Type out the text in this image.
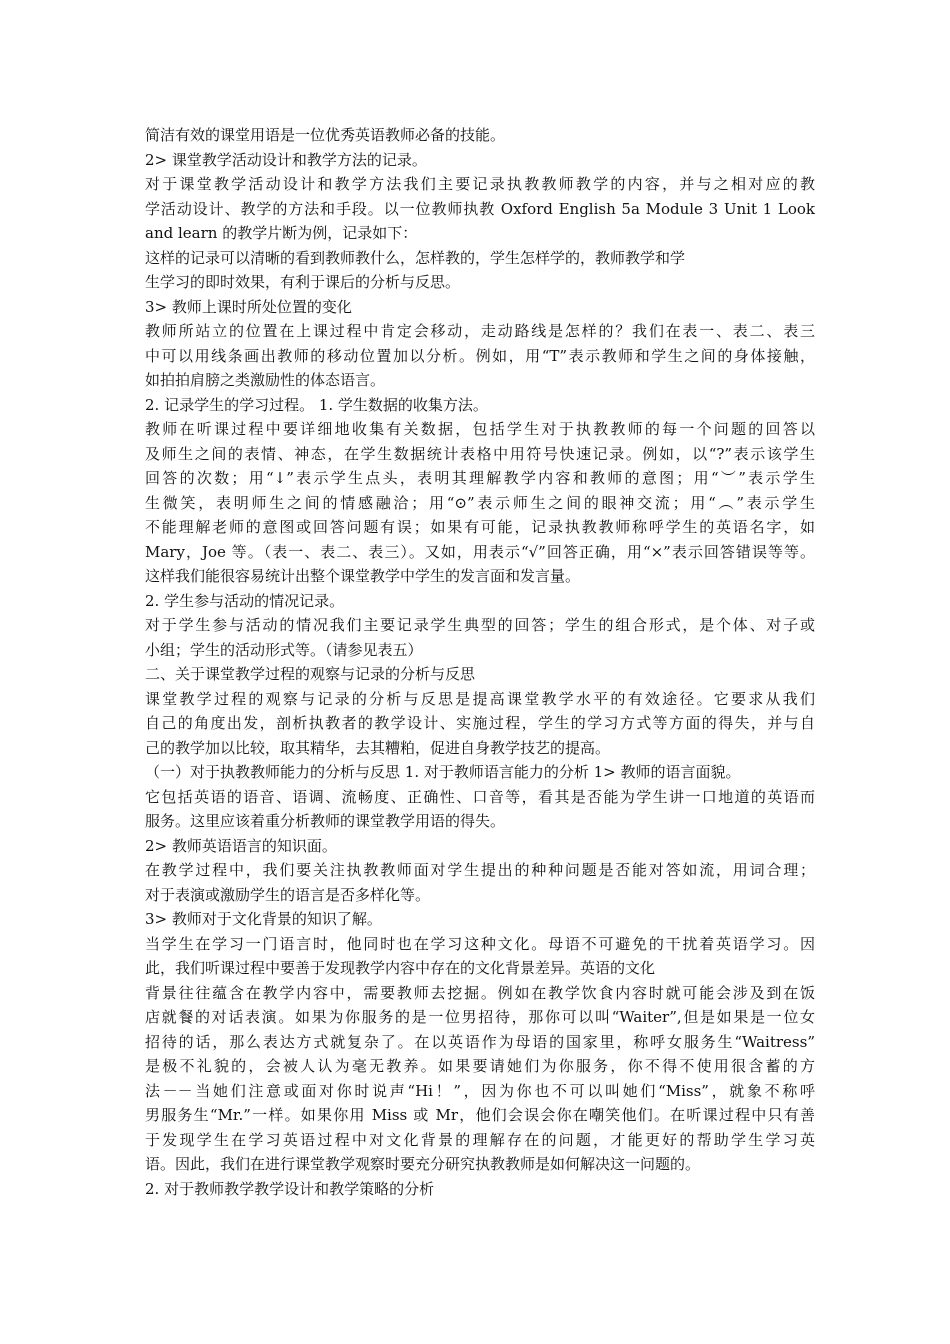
简洁有效的课堂用语是一位优秀英语教师必备的技能。
2> 课堂教学活动设计和教学方法的记录。
对于课堂教学活动设计和教学方法我们主要记录执教教师教学的内容，并与之相对应的教
学活动设计、教学的方法和手段。以一位教师执教 Oxford English 5a Module 3 Unit 1 Look
and learn 的教学片断为例，记录如下：
这样的记录可以清晰的看到教师教什么，怎样教的，学生怎样学的，教师教学和学
生学习的即时效果，有利于课后的分析与反思。
3> 教师上课时所处位置的变化
教师所站立的位置在上课过程中肯定会移动，走动路线是怎样的？我们在表一、表二、表三
中可以用线条画出教师的移动位置加以分析。例如，用“T”表示教师和学生之间的身体接触，
如拍拍肩膀之类激励性的体态语言。
2. 记录学生的学习过程。 1. 学生数据的收集方法。
教师在听课过程中要详细地收集有关数据，包括学生对于执教教师的每一个问题的回答以
及师生之间的表情、神态，在学生数据统计表格中用符号快速记录。例如，以“?”表示该学生
回答的次数；用“↓”表示学生点头，表明其理解教学内容和教师的意图；用“︶”表示学生
生微笑，表明师生之间的情感融洽；用“⊙”表示师生之间的眼神交流；用“︵”表示学生
不能理解老师的意图或回答问题有误；如果有可能，记录执教教师称呼学生的英语名字，如
Mary，Joe 等。（表一、表二、表三）。又如，用表示“√”回答正确，用“×”表示回答错误等等。
这样我们能很容易统计出整个课堂教学中学生的发言面和发言量。
2. 学生参与活动的情况记录。
对于学生参与活动的情况我们主要记录学生典型的回答；学生的组合形式，是个体、对子或
小组；学生的活动形式等。（请参见表五）
二、关于课堂教学过程的观察与记录的分析与反思
课堂教学过程的观察与记录的分析与反思是提高课堂教学水平的有效途径。它要求从我们
自己的角度出发，剖析执教者的教学设计、实施过程，学生的学习方式等方面的得失，并与自
己的教学加以比较，取其精华，去其糟粕，促进自身教学技艺的提高。
（一）对于执教教师能力的分析与反思 1. 对于教师语言能力的分析 1> 教师的语言面貌。
它包括英语的语音、语调、流畅度、正确性、口音等，看其是否能为学生讲一口地道的英语而
服务。这里应该着重分析教师的课堂教学用语的得失。
2> 教师英语语言的知识面。
在教学过程中，我们要关注执教教师面对学生提出的种种问题是否能对答如流，用词合理；
对于表演或激励学生的语言是否多样化等。
3> 教师对于文化背景的知识了解。
当学生在学习一门语言时，他同时也在学习这种文化。母语不可避免的干扰着英语学习。因
此，我们听课过程中要善于发现教学内容中存在的文化背景差异。英语的文化
背景往往蕴含在教学内容中，需要教师去挖掘。例如在教学饮食内容时就可能会涉及到在饭
店就餐的对话表演。如果为你服务的是一位男招待，那你可以叫“Waiter”,但是如果是一位女
招待的话，那么表达方式就复杂了。在以英语作为母语的国家里，称呼女服务生“Waitress”
是极不礼貌的，会被人认为毫无教养。如果要请她们为你服务，你不得不使用很含蓄的方
法－－当她们注意或面对你时说声“Hi！”，因为你也不可以叫她们“Miss”，就象不称呼
男服务生“Mr.”一样。如果你用 Miss 或 Mr，他们会误会你在嘲笑他们。在听课过程中只有善
于发现学生在学习英语过程中对文化背景的理解存在的问题，才能更好的帮助学生学习英
语。因此，我们在进行课堂教学观察时要充分研究执教教师是如何解决这一问题的。
2. 对于教师教学教学设计和教学策略的分析
